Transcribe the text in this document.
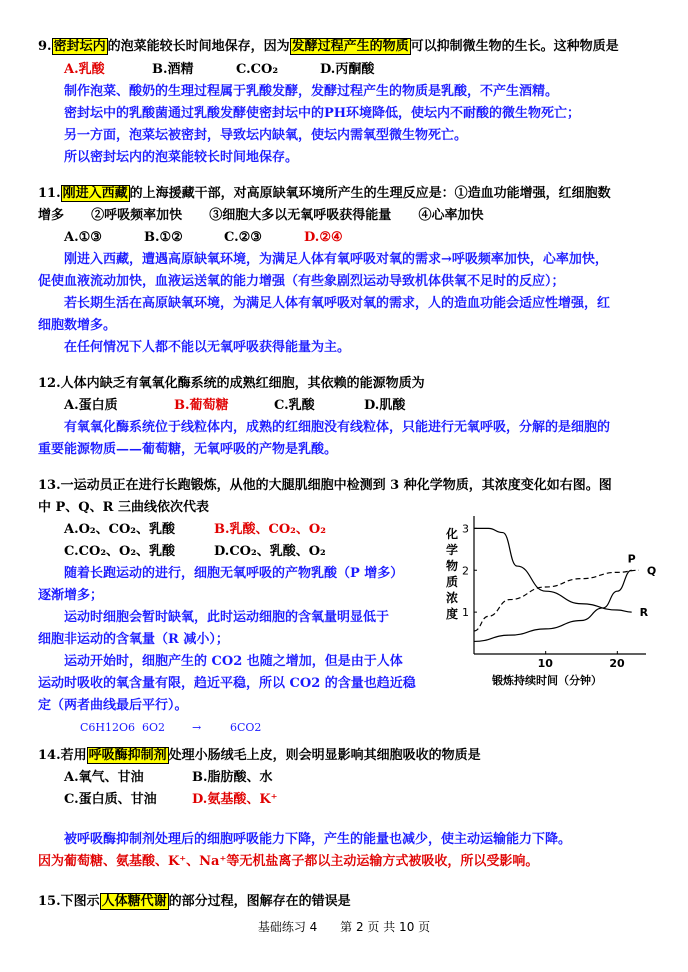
9. 密封坛内 的泡菜能较长时间地保存，因为 发酵过程产生的物质 可以抑制微生物的生长。这种物质是
A.乳酸	B.酒精	C.CO₂	D.丙酮酸
制作泡菜、酸奶的生理过程属于乳酸发酵，发酵过程产生的物质是乳酸，不产生酒精。
密封坛中的乳酸菌通过乳酸发酵使密封坛中的PH环境降低，使坛内不耐酸的微生物死亡；
另一方面，泡菜坛被密封，导致坛内缺氧，使坛内需氧型微生物死亡。
所以密封坛内的泡菜能较长时间地保存。
11. 刚进入西藏 的上海援藏干部，对高原缺氧环境所产生的生理反应是：①造血功能增强，红细胞数
增多      ②呼吸频率加快      ③细胞大多以无氧呼吸获得能量      ④心率加快
A.①③	B.①②	C.②③	D.②④
刚进入西藏，遭遇高原缺氧环境，为满足人体有氧呼吸对氧的需求→呼吸频率加快，心率加快，
促使血液流动加快，血液运送氧的能力增强（有些象剧烈运动导致机体供氧不足时的反应）；
若长期生活在高原缺氧环境，为满足人体有氧呼吸对氧的需求，人的造血功能会适应性增强，红
细胞数增多。
在任何情况下人都不能以无氧呼吸获得能量为主。
12.人体内缺乏有氧氧化酶系统的成熟红细胞，其依赖的能源物质为
A.蛋白质	B.葡萄糖	C.乳酸	D.肌酸
有氧氧化酶系统位于线粒体内，成熟的红细胞没有线粒体，只能进行无氧呼吸，分解的是细胞的
重要能源物质——葡萄糖，无氧呼吸的产物是乳酸。
13.一运动员正在进行长跑锻炼，从他的大腿肌细胞中检测到 3 种化学物质，其浓度变化如右图。图
中 P、Q、R 三曲线依次代表
A.O₂、CO₂、乳酸	B.乳酸、CO₂、O₂
C.CO₂、O₂、乳酸	D.CO₂、乳酸、O₂
随着长跑运动的进行，细胞无氧呼吸的产物乳酸（P 增多）
逐渐增多；
运动时细胞会暂时缺氧，此时运动细胞的含氧量明显低于
细胞非运动的含氧量（R 减小）；
运动开始时，细胞产生的 CO2 也随之增加，但是由于人体
运动时吸收的氧含量有限，趋近平稳，所以 CO2 的含量也趋近稳
定（两者曲线最后平行）。
C6H12O6 6O2 →	6CO2
化
学
物
质
浓
度 1
2
3
10	20
锻炼持续时间（分钟）
P
Q
R
14.若用 呼吸酶抑制剂 处理小肠绒毛上皮，则会明显影响其细胞吸收的物质是
A.氧气、甘油	B.脂肪酸、水
C.蛋白质、甘油	D.氨基酸、K⁺
被呼吸酶抑制剂处理后的细胞呼吸能力下降，产生的能量也减少，使主动运输能力下降。
因为葡萄糖、氨基酸、K⁺、Na⁺等无机盐离子都以主动运输方式被吸收，所以受影响。
15.下图示 人体糖代谢 的部分过程，图解存在的错误是
基础练习 4      第 2 页 共 10 页
